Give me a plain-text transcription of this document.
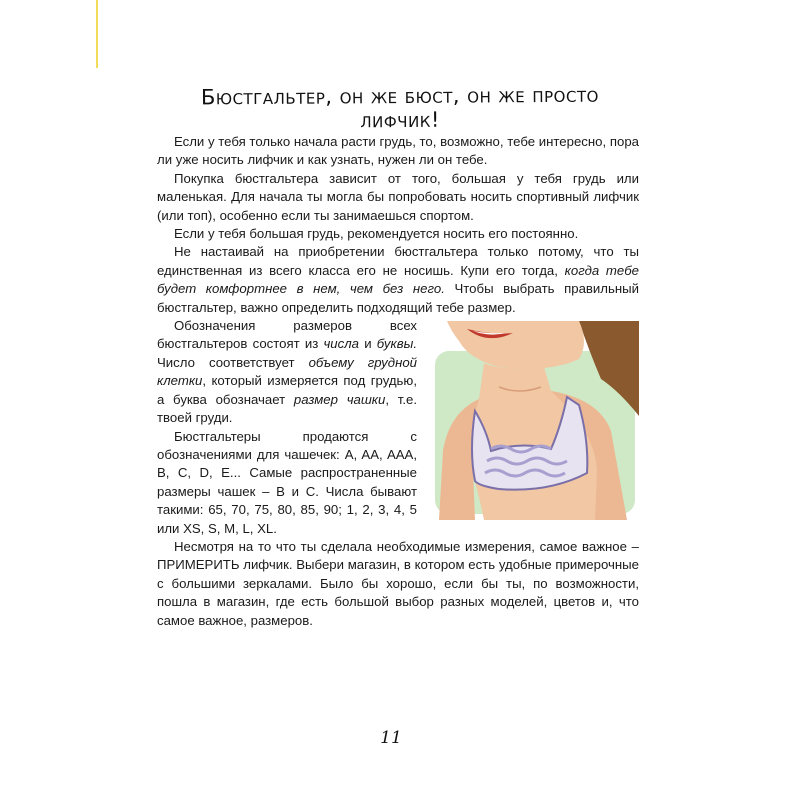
Бюстгальтер, он же бюст, он же просто лифчик!

Если у тебя только начала расти грудь, то, возможно, тебе интересно, пора ли уже носить лифчик и как узнать, нужен ли он тебе.

Покупка бюстгальтера зависит от того, большая у тебя грудь или маленькая. Для начала ты могла бы попробовать носить спортивный лифчик (или топ), особенно если ты занимаешься спортом.

Если у тебя большая грудь, рекомендуется носить его постоянно.

Не настаивай на приобретении бюстгальтера только потому, что ты единственная из всего класса его не носишь. Купи его тогда, когда тебе будет комфортнее в нем, чем без него. Чтобы выбрать правильный бюстгальтер, важно определить подходящий тебе размер.

Обозначения размеров всех бюстгальтеров состоят из числа и буквы. Число соответствует объему грудной клетки, который измеряется под грудью, а буква обозначает размер чашки, т.е. твоей груди.

Бюстгальтеры продаются с обозначениями для чашечек: A, AA, AAA, B, C, D, E... Самые распространенные размеры чашек – B и C. Числа бывают такими: 65, 70, 75, 80, 85, 90; 1, 2, 3, 4, 5 или XS, S, M, L, XL.

Несмотря на то что ты сделала необходимые измерения, самое важное – ПРИМЕРИТЬ лифчик. Выбери магазин, в котором есть удобные примерочные с большими зеркалами. Было бы хорошо, если бы ты, по возможности, пошла в магазин, где есть большой выбор разных моделей, цветов и, что самое важное, размеров.

11
